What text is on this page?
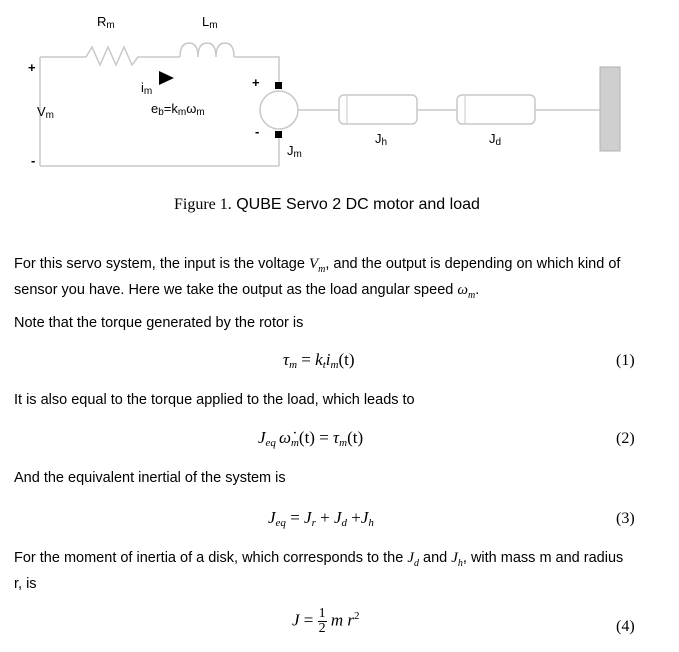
$R_m$	$L_m$
+
$V_m$
-
$i_m$
$e_b=k_m\omega_m$
+
-
$J_m$
$J_h$	$J_d$
Figure 1. QUBE Servo 2 DC motor and load
For this servo system, the input is the voltage $V_m$, and the output is depending on which kind of
sensor you have. Here we take the output as the load angular speed $\omega_m$.
Note that the torque generated by the rotor is
$\tau_m = k_ti_m(t)$	(1)
It is also equal to the torque applied to the load, which leads to
$J_{eq}$ $\omegȧ_m(t) = \tau_m(t)$	(2)
And the equivalent inertial of the system is
$J_{eq} = J_r + J_d +J_h$	(3)
For the moment of inertia of a disk, which corresponds to the $J_d$ and $J_h$, with mass m and radius
r, is
$J = \frac{1}{2}$ m $r^2$
(4)
